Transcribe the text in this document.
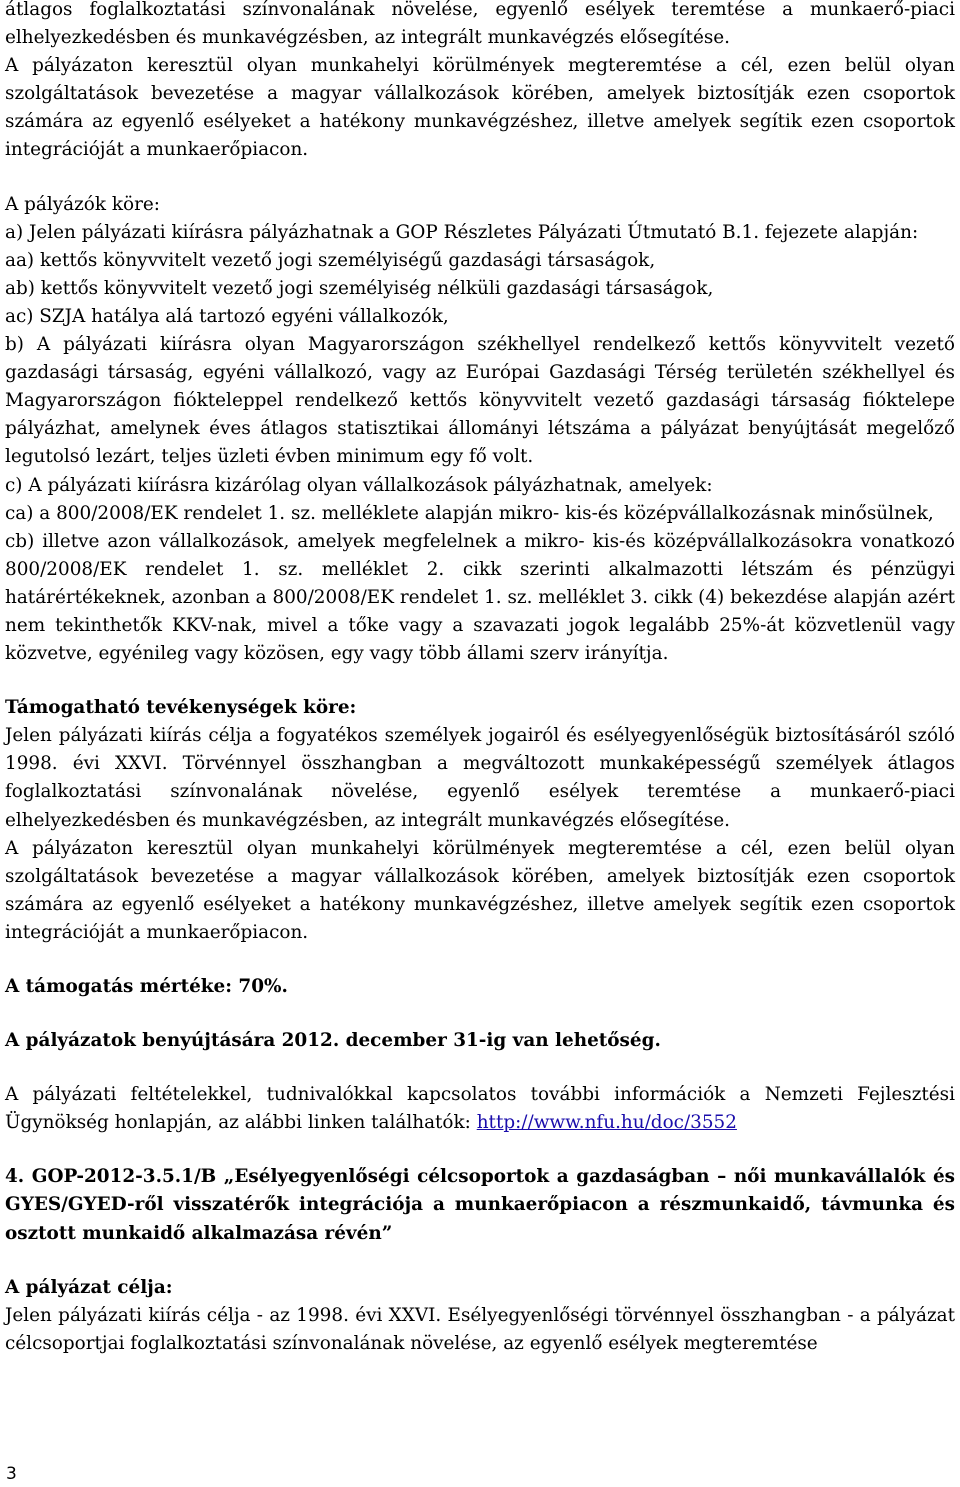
átlagos foglalkoztatási színvonalának növelése, egyenlő esélyek teremtése a munkaerő-piaci elhelyezkedésben és munkavégzésben, az integrált munkavégzés elősegítése.

A pályázaton keresztül olyan munkahelyi körülmények megteremtése a cél, ezen belül olyan szolgáltatások bevezetése a magyar vállalkozások körében, amelyek biztosítják ezen csoportok számára az egyenlő esélyeket a hatékony munkavégzéshez, illetve amelyek segítik ezen csoportok integrációját a munkaerőpiacon.

A pályázók köre:

a) Jelen pályázati kiírásra pályázhatnak a GOP Részletes Pályázati Útmutató B.1. fejezete alapján:

aa) kettős könyvvitelt vezető jogi személyiségű gazdasági társaságok,

ab) kettős könyvvitelt vezető jogi személyiség nélküli gazdasági társaságok,

ac) SZJA hatálya alá tartozó egyéni vállalkozók,

b) A pályázati kiírásra olyan Magyarországon székhellyel rendelkező kettős könyvvitelt vezető gazdasági társaság, egyéni vállalkozó, vagy az Európai Gazdasági Térség területén székhellyel és Magyarországon fiókteleppel rendelkező kettős könyvvitelt vezető gazdasági társaság fióktelepe pályázhat, amelynek éves átlagos statisztikai állományi létszáma a pályázat benyújtását megelőző legutolsó lezárt, teljes üzleti évben minimum egy fő volt.

c) A pályázati kiírásra kizárólag olyan vállalkozások pályázhatnak, amelyek:

ca) a 800/2008/EK rendelet 1. sz. melléklete alapján mikro- kis-és középvállalkozásnak minősülnek,

cb) illetve azon vállalkozások, amelyek megfelelnek a mikro- kis-és középvállalkozásokra vonatkozó 800/2008/EK rendelet 1. sz. melléklet 2. cikk szerinti alkalmazotti létszám és pénzügyi határértékeknek, azonban a 800/2008/EK rendelet 1. sz. melléklet 3. cikk (4) bekezdése alapján azért nem tekinthetők KKV-nak, mivel a tőke vagy a szavazati jogok legalább 25%-át közvetlenül vagy közvetve, egyénileg vagy közösen, egy vagy több állami szerv irányítja.

Támogatható tevékenységek köre:

Jelen pályázati kiírás célja a fogyatékos személyek jogairól és esélyegyenlőségük biztosításáról szóló 1998. évi XXVI. Törvénnyel összhangban a megváltozott munkaképességű személyek átlagos foglalkoztatási színvonalának növelése, egyenlő esélyek teremtése a munkaerő-piaci elhelyezkedésben és munkavégzésben, az integrált munkavégzés elősegítése.

A pályázaton keresztül olyan munkahelyi körülmények megteremtése a cél, ezen belül olyan szolgáltatások bevezetése a magyar vállalkozások körében, amelyek biztosítják ezen csoportok számára az egyenlő esélyeket a hatékony munkavégzéshez, illetve amelyek segítik ezen csoportok integrációját a munkaerőpiacon.

A támogatás mértéke: 70%.

A pályázatok benyújtására 2012. december 31-ig van lehetőség.

A pályázati feltételekkel, tudnivalókkal kapcsolatos további információk a Nemzeti Fejlesztési Ügynökség honlapján, az alábbi linken találhatók: http://www.nfu.hu/doc/3552

4. GOP-2012-3.5.1/B „Esélyegyenlőségi célcsoportok a gazdaságban – női munkavállalók és GYES/GYED-ről visszatérők integrációja a munkaerőpiacon a részmunkaidő, távmunka és osztott munkaidő alkalmazása révén”

A pályázat célja:

Jelen pályázati kiírás célja - az 1998. évi XXVI. Esélyegyenlőségi törvénnyel összhangban - a pályázat célcsoportjai foglalkoztatási színvonalának növelése, az egyenlő esélyek megteremtése

3
